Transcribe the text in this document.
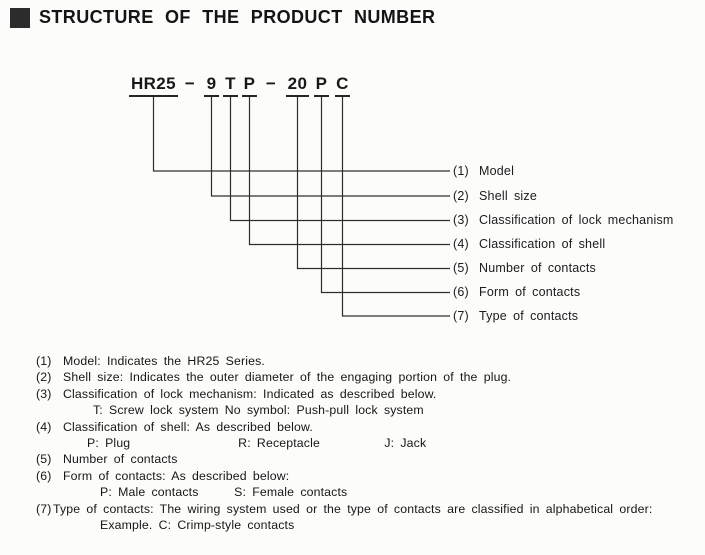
STRUCTURE OF THE PRODUCT NUMBER
HR25 − 9 T P − 20 P C
(1) Model
(2) Shell size
(3) Classification of lock mechanism
(4) Classification of shell
(5) Number of contacts
(6) Form of contacts
(7) Type of contacts
(1) Model: Indicates the HR25 Series.
(2) Shell size: Indicates the outer diameter of the engaging portion of the plug.
(3) Classification of lock mechanism: Indicated as described below.
T: Screw lock system No symbol: Push-pull lock system
(4) Classification of shell: As described below.
P: Plug	R: Receptacle	J: Jack
(5) Number of contacts
(6) Form of contacts: As described below:
P: Male contacts	S: Female contacts
(7) Type of contacts: The wiring system used or the type of contacts are classified in alphabetical order:
Example. C: Crimp-style contacts
